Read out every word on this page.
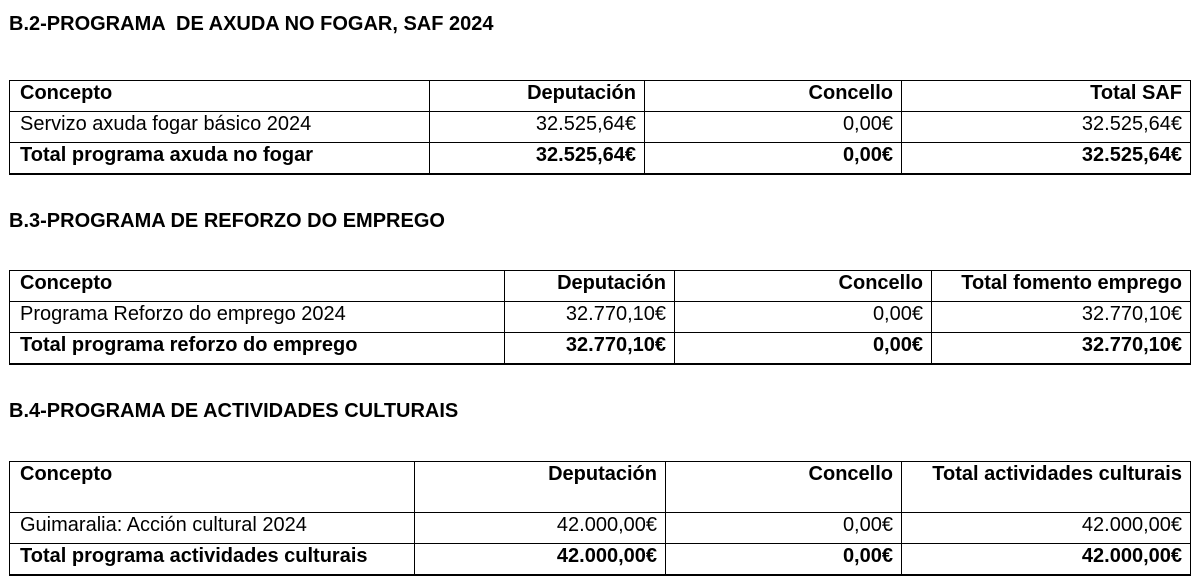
B.2-PROGRAMA  DE AXUDA NO FOGAR, SAF 2024
Concepto	Deputación	Concello	Total SAF
Servizo axuda fogar básico 2024	32.525,64€	0,00€	32.525,64€
Total programa axuda no fogar	32.525,64€	0,00€	32.525,64€
B.3-PROGRAMA DE REFORZO DO EMPREGO
Concepto	Deputación	Concello	Total fomento emprego
Programa Reforzo do emprego 2024	32.770,10€	0,00€	32.770,10€
Total programa reforzo do emprego	32.770,10€	0,00€	32.770,10€
B.4-PROGRAMA DE ACTIVIDADES CULTURAIS
Concepto	Deputación	Concello	Total actividades culturais
Guimaralia: Acción cultural 2024	42.000,00€	0,00€	42.000,00€
Total programa actividades culturais	42.000,00€	0,00€	42.000,00€
